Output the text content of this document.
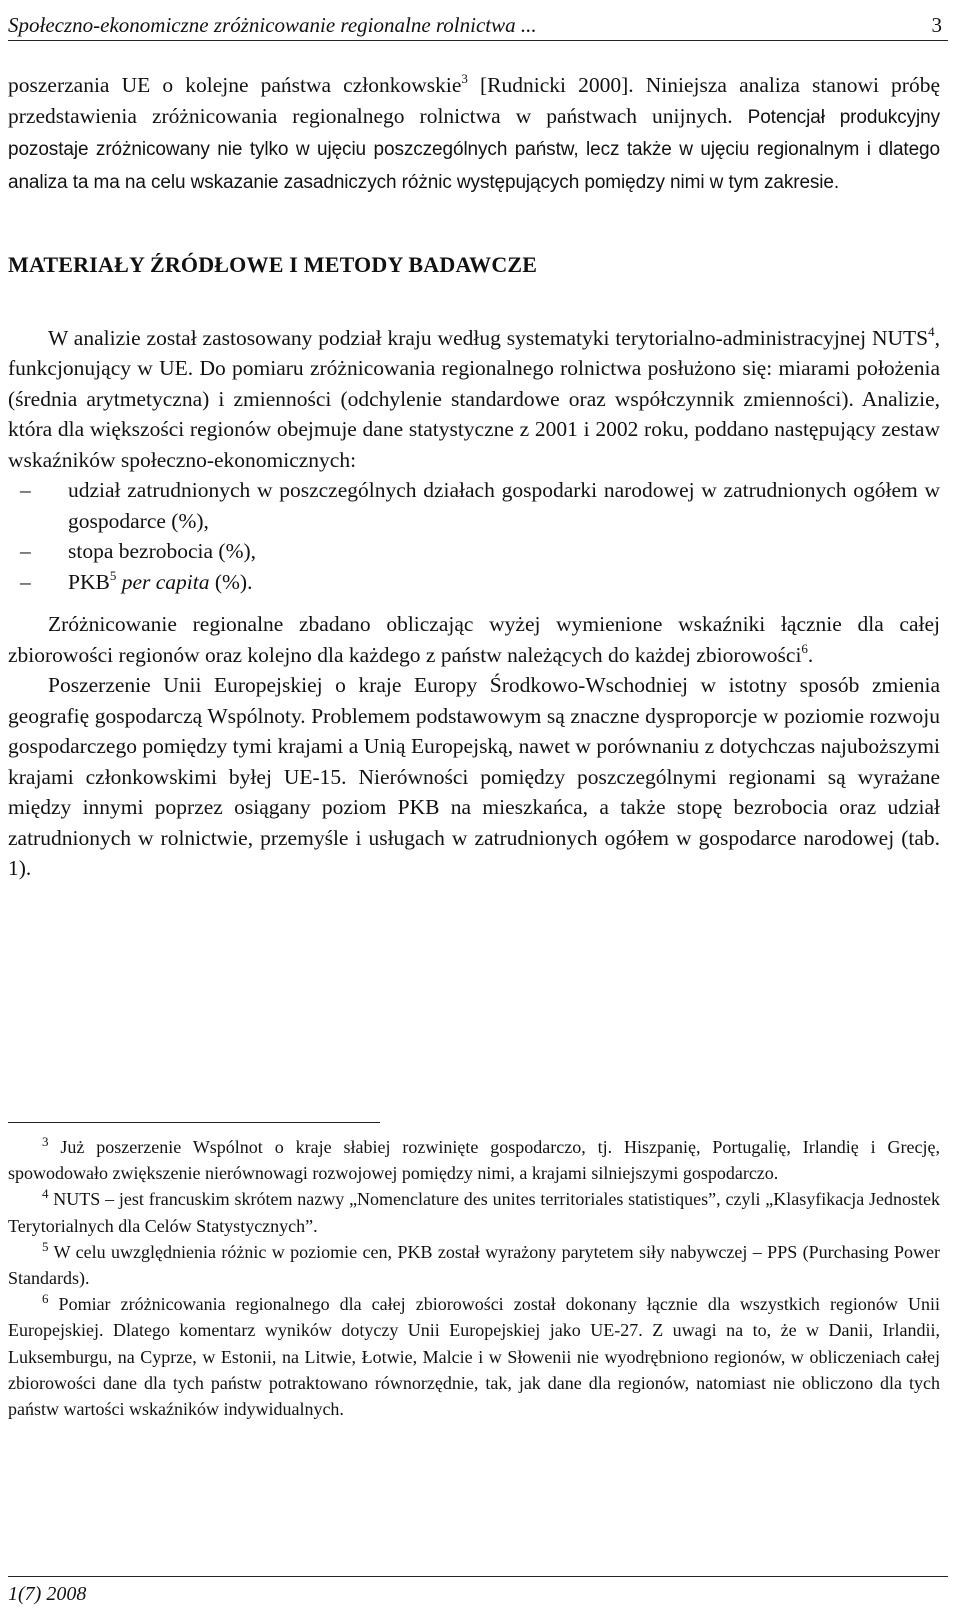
Społeczno-ekonomiczne zróżnicowanie regionalne rolnictwa ...	3

poszerzania UE o kolejne państwa członkowskie$^3$ [Rudnicki 2000]. Niniejsza analiza stanowi próbę przedstawienia zróżnicowania regionalnego rolnictwa w państwach unijnych. Potencjał produkcyjny pozostaje zróżnicowany nie tylko w ujęciu poszczególnych państw, lecz także w ujęciu regionalnym i dlatego analiza ta ma na celu wskazanie zasadniczych różnic występujących pomiędzy nimi w tym zakresie.

MATERIAŁY ŹRÓDŁOWE I METODY BADAWCZE

W analizie został zastosowany podział kraju według systematyki terytorialno-administracyjnej NUTS$^4$, funkcjonujący w UE. Do pomiaru zróżnicowania regionalnego rolnictwa posłużono się: miarami położenia (średnia arytmetyczna) i zmienności (odchylenie standardowe oraz współczynnik zmienności). Analizie, która dla większości regionów obejmuje dane statystyczne z 2001 i 2002 roku, poddano następujący zestaw wskaźników społeczno-ekonomicznych:

– udział zatrudnionych w poszczególnych działach gospodarki narodowej w zatrudnionych ogółem w gospodarce (%),
– stopa bezrobocia (%),
– PKB$^5$ per capita (%).

Zróżnicowanie regionalne zbadano obliczając wyżej wymienione wskaźniki łącznie dla całej zbiorowości regionów oraz kolejno dla każdego z państw należących do każdej zbiorowości$^6$.

Poszerzenie Unii Europejskiej o kraje Europy Środkowo-Wschodniej w istotny sposób zmienia geografię gospodarczą Wspólnoty. Problemem podstawowym są znaczne dysproporcje w poziomie rozwoju gospodarczego pomiędzy tymi krajami a Unią Europejską, nawet w porównaniu z dotychczas najuboższymi krajami członkowskimi byłej UE-15. Nierówności pomiędzy poszczególnymi regionami są wyrażane między innymi poprzez osiągany poziom PKB na mieszkańca, a także stopę bezrobocia oraz udział zatrudnionych w rolnictwie, przemyśle i usługach w zatrudnionych ogółem w gospodarce narodowej (tab. 1).

$^3$ Już poszerzenie Wspólnot o kraje słabiej rozwinięte gospodarczo, tj. Hiszpanię, Portugalię, Irlandię i Grecję, spowodowało zwiększenie nierównowagi rozwojowej pomiędzy nimi, a krajami silniejszymi gospodarczo.

$^4$ NUTS – jest francuskim skrótem nazwy „Nomenclature des unites territoriales statistiques”, czyli „Klasyfikacja Jednostek Terytorialnych dla Celów Statystycznych”.

$^5$ W celu uwzględnienia różnic w poziomie cen, PKB został wyrażony parytetem siły nabywczej – PPS (Purchasing Power Standards).

$^6$ Pomiar zróżnicowania regionalnego dla całej zbiorowości został dokonany łącznie dla wszystkich regionów Unii Europejskiej. Dlatego komentarz wyników dotyczy Unii Europejskiej jako UE-27. Z uwagi na to, że w Danii, Irlandii, Luksemburgu, na Cyprze, w Estonii, na Litwie, Łotwie, Malcie i w Słowenii nie wyodrębniono regionów, w obliczeniach całej zbiorowości dane dla tych państw potraktowano równorzędnie, tak, jak dane dla regionów, natomiast nie obliczono dla tych państw wartości wskaźników indywidualnych.

1(7) 2008
